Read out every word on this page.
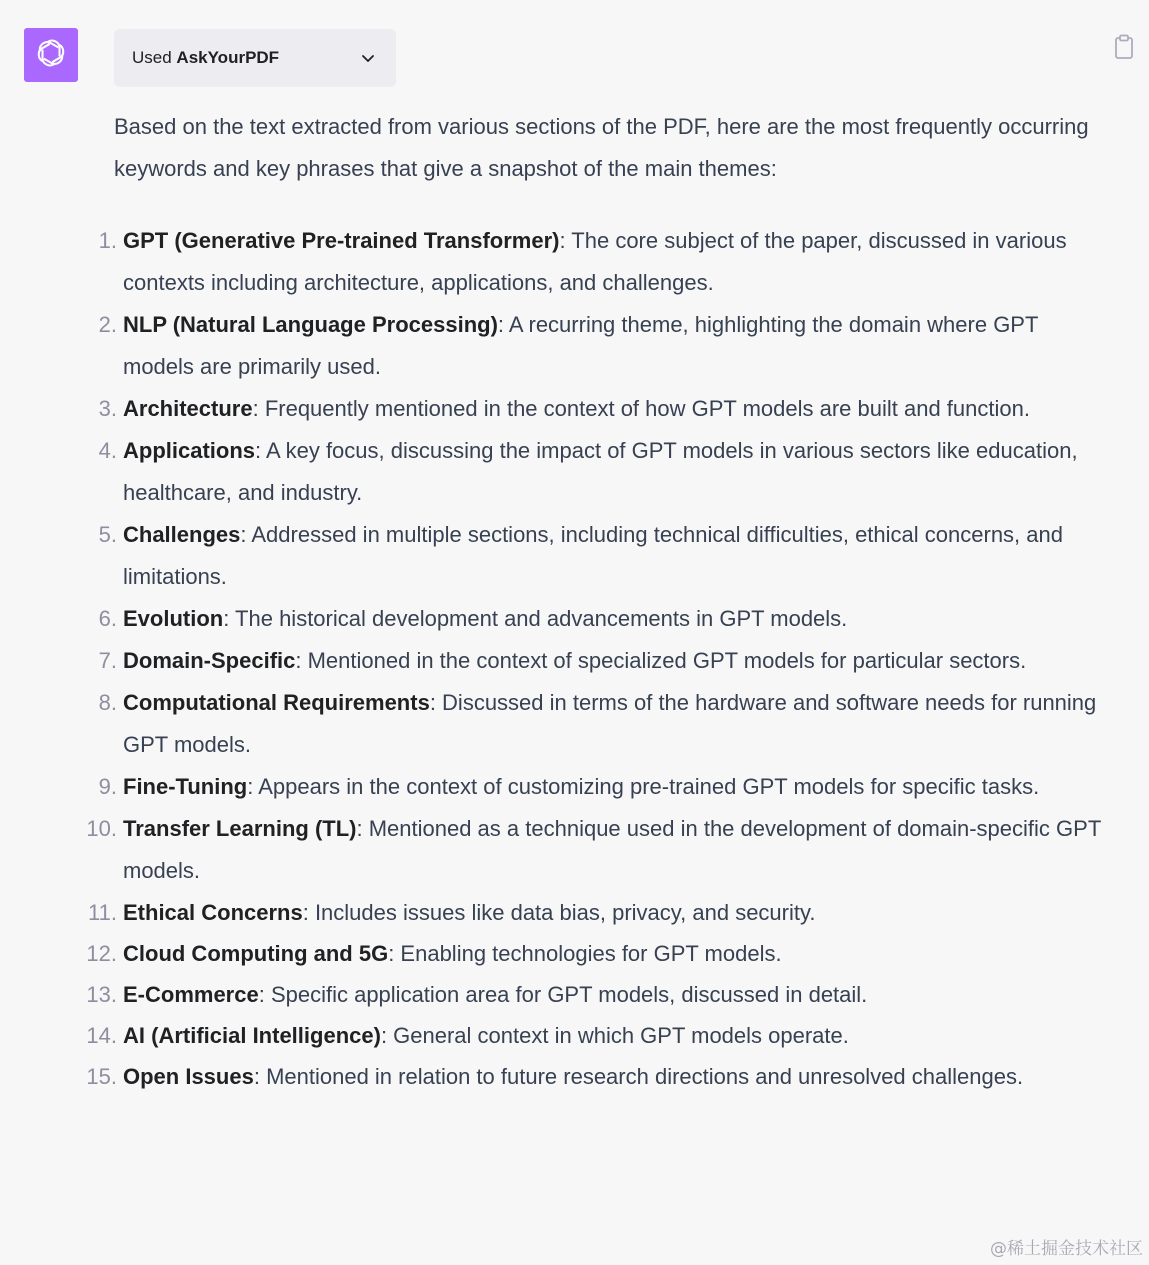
Used AskYourPDF

Based on the text extracted from various sections of the PDF, here are the most frequently occurring keywords and key phrases that give a snapshot of the main themes:

1. GPT (Generative Pre-trained Transformer): The core subject of the paper, discussed in various contexts including architecture, applications, and challenges.
2. NLP (Natural Language Processing): A recurring theme, highlighting the domain where GPT models are primarily used.
3. Architecture: Frequently mentioned in the context of how GPT models are built and function.
4. Applications: A key focus, discussing the impact of GPT models in various sectors like education, healthcare, and industry.
5. Challenges: Addressed in multiple sections, including technical difficulties, ethical concerns, and limitations.
6. Evolution: The historical development and advancements in GPT models.
7. Domain-Specific: Mentioned in the context of specialized GPT models for particular sectors.
8. Computational Requirements: Discussed in terms of the hardware and software needs for running GPT models.
9. Fine-Tuning: Appears in the context of customizing pre-trained GPT models for specific tasks.
10. Transfer Learning (TL): Mentioned as a technique used in the development of domain-specific GPT models.
11. Ethical Concerns: Includes issues like data bias, privacy, and security.
12. Cloud Computing and 5G: Enabling technologies for GPT models.
13. E-Commerce: Specific application area for GPT models, discussed in detail.
14. AI (Artificial Intelligence): General context in which GPT models operate.
15. Open Issues: Mentioned in relation to future research directions and unresolved challenges.
@稀土掘金技术社区
